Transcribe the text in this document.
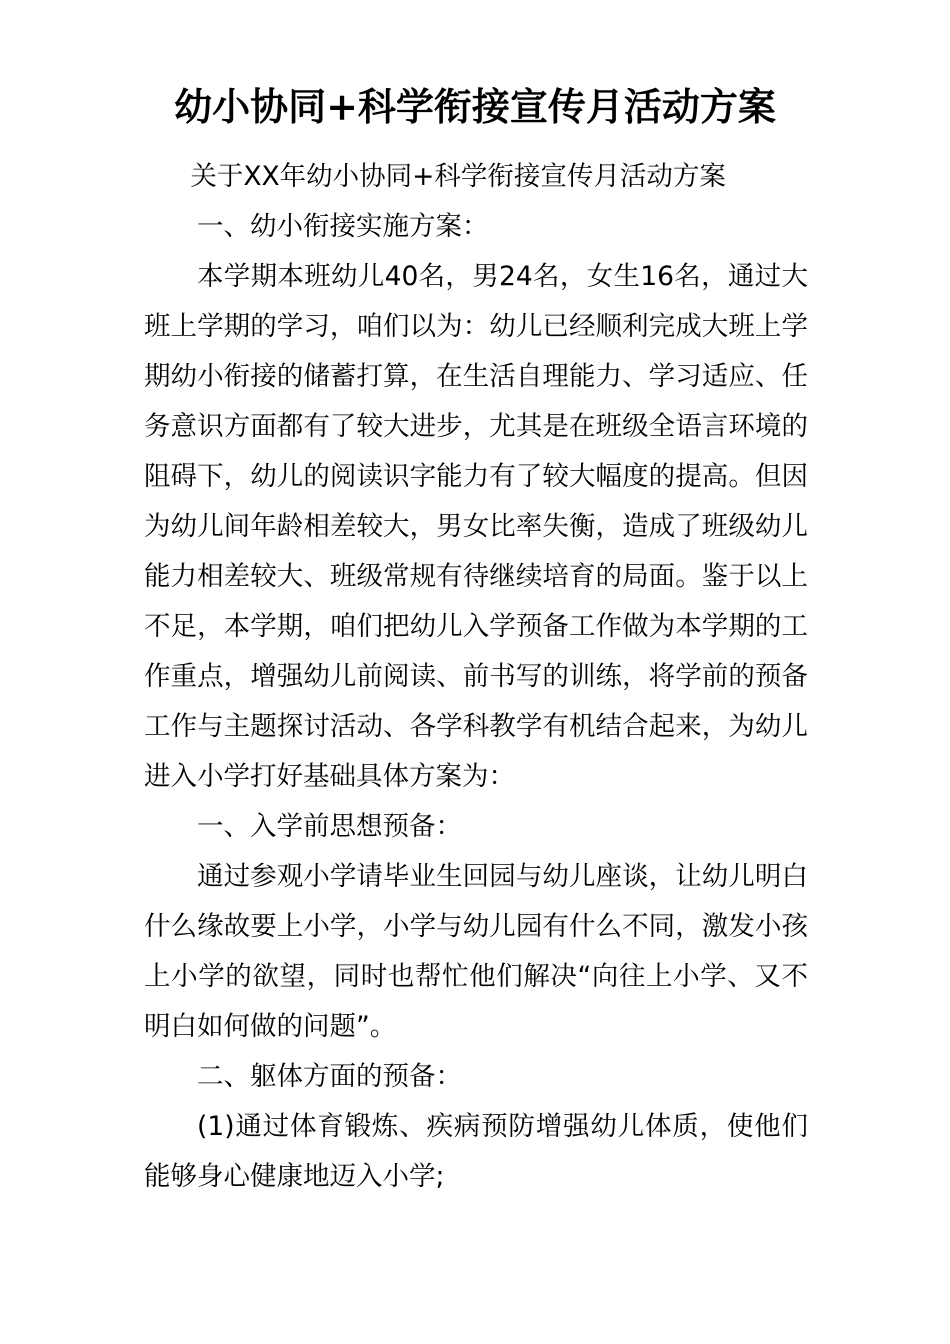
幼小协同+科学衔接宣传月活动方案

关于XX年幼小协同+科学衔接宣传月活动方案

一、幼小衔接实施方案：

本学期本班幼儿40名，男24名，女生16名，通过大班上学期的学习，咱们以为：幼儿已经顺利完成大班上学期幼小衔接的储蓄打算，在生活自理能力、学习适应、任务意识方面都有了较大进步，尤其是在班级全语言环境的阻碍下，幼儿的阅读识字能力有了较大幅度的提高。但因为幼儿间年龄相差较大，男女比率失衡，造成了班级幼儿能力相差较大、班级常规有待继续培育的局面。鉴于以上不足，本学期，咱们把幼儿入学预备工作做为本学期的工作重点，增强幼儿前阅读、前书写的训练，将学前的预备工作与主题探讨活动、各学科教学有机结合起来，为幼儿进入小学打好基础具体方案为：

一、入学前思想预备：

通过参观小学请毕业生回园与幼儿座谈，让幼儿明白什么缘故要上小学，小学与幼儿园有什么不同，激发小孩上小学的欲望，同时也帮忙他们解决“向往上小学、又不明白如何做的问题”。

二、躯体方面的预备：

(1)通过体育锻炼、疾病预防增强幼儿体质，使他们能够身心健康地迈入小学;
